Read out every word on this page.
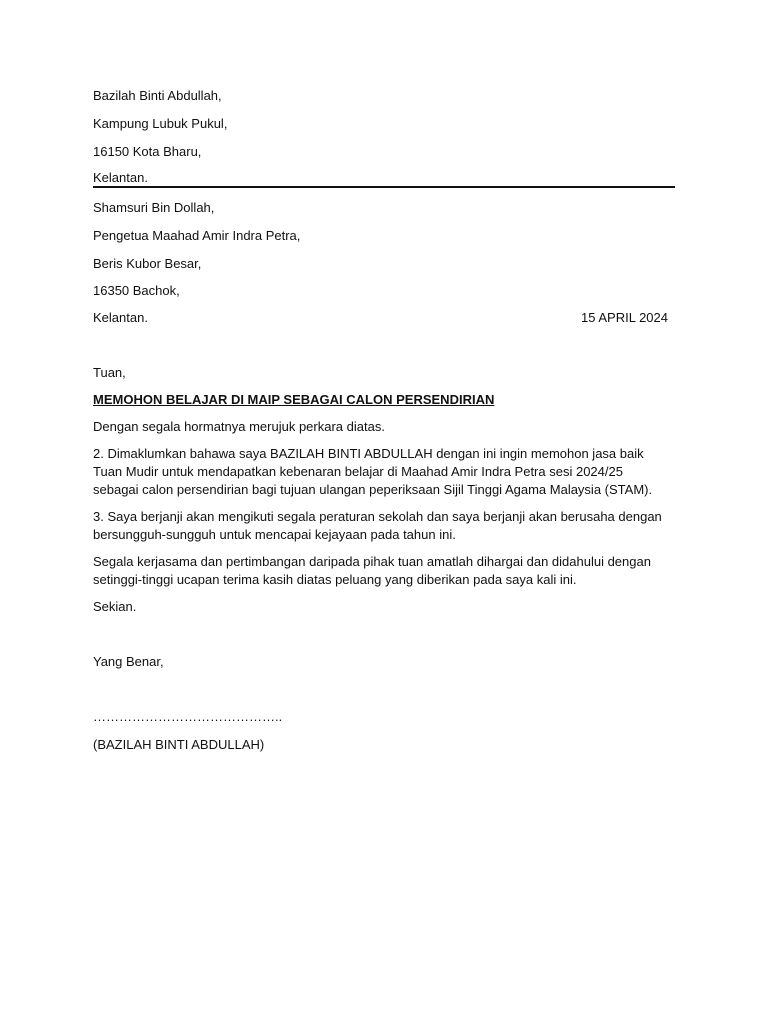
Bazilah Binti Abdullah,
Kampung Lubuk Pukul,
16150 Kota Bharu,
Kelantan.
Shamsuri Bin Dollah,
Pengetua Maahad Amir Indra Petra,
Beris Kubor Besar,
16350 Bachok,
Kelantan.	15 APRIL 2024
Tuan,
MEMOHON BELAJAR DI MAIP SEBAGAI CALON PERSENDIRIAN
Dengan segala hormatnya merujuk perkara diatas.
2. Dimaklumkan bahawa saya BAZILAH BINTI ABDULLAH dengan ini ingin memohon jasa baik Tuan Mudir untuk mendapatkan kebenaran belajar di Maahad Amir Indra Petra sesi 2024/25 sebagai calon persendirian bagi tujuan ulangan peperiksaan Sijil Tinggi Agama Malaysia (STAM).
3. Saya berjanji akan mengikuti segala peraturan sekolah dan saya berjanji akan berusaha dengan bersungguh-sungguh untuk mencapai kejayaan pada tahun ini.
Segala kerjasama dan pertimbangan daripada pihak tuan amatlah dihargai dan didahului dengan setinggi-tinggi ucapan terima kasih diatas peluang yang diberikan pada saya kali ini.
Sekian.
Yang Benar,
……………………………………..
(BAZILAH BINTI ABDULLAH)
